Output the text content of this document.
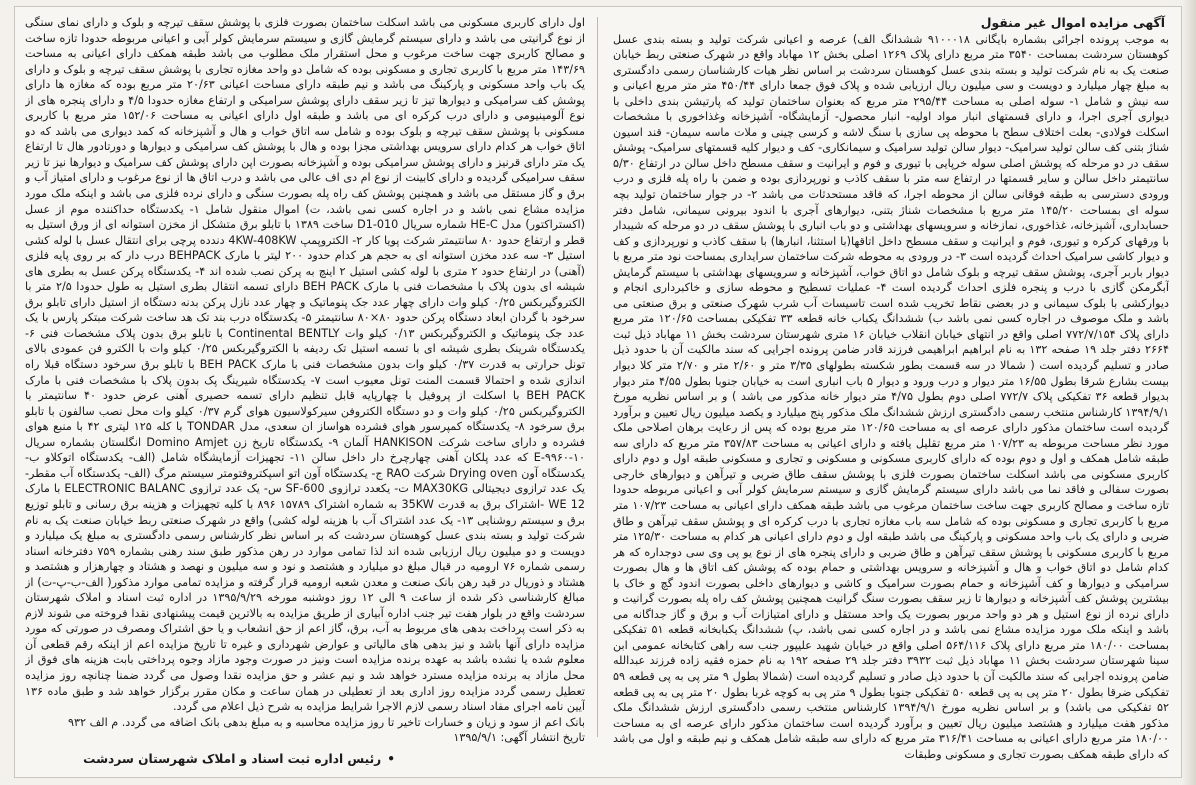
آگهی مزایده اموال غیر منقول
به موجب پرونده اجرائی بشماره بایگانی ۹۱۰۰۰۱۸ ششدانگ الف) عرصه و اعیانی شرکت تولید و بسته بندی عسل کوهستان سردشت بمساحت ۳۵۴۰ متر مربع دارای پلاک ۱۲۶۹ اصلی بخش ۱۲ مهاباد واقع در شهرک صنعتی ربط خیابان صنعت یک به نام شرکت تولید و بسته بندی عسل کوهستان سردشت بر اساس نظر هیات کارشناسان رسمی دادگستری به مبلغ چهار میلیارد و دویست و سی میلیون ریال ارزیابی شده و پلاک فوق جمعا دارای ۴۵۰/۴۴ متر متر مربع اعیانی و سه نیش و شامل ۱- سوله اصلی به مساحت ۲۹۵/۴۴ متر مربع که بعنوان ساختمان تولید که پارتیشن بندی داخلی با دیواری آجری اجرا، و دارای قسمتهای انبار مواد اولیه- انبار محصول- آزمایشگاه- آشپزخانه وغذاخوری با مشخصات اسکلت فولادی- بعلت اختلاف سطح با محوطه پی سازی با سنگ لاشه و کرسی چینی و ملات ماسه سیمان- قند اسیون شناژ بتنی کف سالن تولید سرامیک- دیوار سالن تولید سرامیک و سیمانکاری- کف و دیوار کلیه قسمتهای سرامیک- پوشش سقف در دو مرحله که پوشش اصلی سوله خرپایی با تیوری و فوم و ایرانیت و سقف مسطح داخل سالن در ارتفاع ۵/۳۰ سانتیمتر داخل سالن و سایر قسمتها در ارتفاع سه متر با سقف کاذب و نورپردازی بوده و ضمن با راه پله فلزی و درب ورودی دسترسی به طبقه فوقانی سالن از محوطه اجرا، که فاقد مستحدثات می باشد ۲- در جوار ساختمان تولید بچه سوله ای بمساحت ۱۴۵/۲۰ متر مربع با مشخصات شناژ بتنی، دیوارهای آجری با اندود بیرونی سیمانی، شامل دفتر حسابداری، آشپزخانه، غذاخوری، نمازخانه و سرویسهای بهداشتی و دو باب انباری با پوشش سقف در دو مرحله که شیبدار با ورقهای کرکره و تیوری، فوم و ایرانیت و سقف مسطح داخل اتاقها(با استثنا، انبارها) با سقف کاذب و نورپردازی و کف و دیوار کاشی سرامیک احداث گردیده است ۳- در ورودی به محوطه شرکت ساختمان سرایداری بمساحت نود متر مربع با دیوار باربر آجری، پوشش سقف تیرچه و بلوک شامل دو اتاق خواب، آشپزخانه و سرویسهای بهداشتی با سیستم گرمایش آبگرمکن گازی با درب و پنجره فلزی احداث گردیده است ۴- عملیات تسطیح و محوطه سازی و خاکبرداری انجام و دیوارکشی با بلوک سیمانی و در بعضی نقاط تخریب شده است تاسیسات آب شرب شهرک صنعتی و برق صنعتی می باشد و ملک موصوف در اجاره کسی نمی باشد ب) ششدانگ یکباب خانه قطعه ۳۳ تفکیکی بمساحت ۱۲۰/۶۵ متر مربع دارای پلاک ۷۷۲/۷/۱۵۴ اصلی واقع در انتهای خیابان انقلاب خیابان ۱۶ متری شهرستان سردشت بخش ۱۱ مهاباد ذیل ثبت ۲۶۶۴ دفتر جلد ۱۹ صفحه ۱۳۲ به نام ابراهیم ابراهیمی فرزند قادر ضامن پرونده اجرایی که سند مالکیت آن با حدود ذیل صادر و تسلیم گردیده است ( شمالا در سه قسمت بطور شکسته بطولهای ۳/۳۵ متر و ۲/۶۰ متر و ۲/۷۰ متر کلا دیوار بیست بشارع شرقا بطول ۱۶/۵۵ متر دیوار و درب ورود و دیوار ۵ باب انباری است به خیابان جنوبا بطول ۴/۵۵ متر دیوار بدیوار قطعه ۳۶ تفکیکی پلاک ۷۷۲/۷ اصلی دوم بطول ۴/۷۵ متر دیوار خانه مذکور می باشد ) و بر اساس نظریه مورخ ۱۳۹۴/۹/۱ کارشناس منتخب رسمی دادگستری ارزش ششدانگ ملک مذکور پنج میلیارد و یکصد میلیون ریال تعیین و برآورد گردیده است ساختمان مذکور دارای عرصه ای به مساحت ۱۲۰/۶۵ متر مربع بوده که پس از رعایت برهان اصلاحی ملک مورد نظر مساحت مربوطه به ۱۰۷/۲۳ متر مربع تقلیل یافته و دارای اعیانی به مساحت ۳۵۷/۸۳ متر مربع که دارای سه طبقه شامل همکف و اول و دوم بوده که دارای کاربری مسکونی و مسکونی و تجاری و مسکونی طبقه اول و دوم دارای کاربری مسکونی می باشد اسکلت ساختمان بصورت فلزی با پوشش سقف طاق ضربی و تیرآهن و دیوارهای خارجی بصورت سفالی و فاقد نما می باشد دارای سیستم گرمایش گازی و سیستم سرمایش کولر آبی و اعیانی مربوطه حدودا تازه ساخت و مصالح کاربری جهت ساخت ساختمان مرغوب می باشد طبقه همکف دارای اعیانی به مساحت ۱۰۷/۲۳ متر مربع با کاربری تجاری و مسکونی بوده که شامل سه باب مغازه تجاری با درب کرکره ای و پوشش سقف تیرآهن و طاق ضربی و دارای یک باب واحد مسکونی و پارکینگ می باشد طبقه اول و دوم دارای اعیانی هر کدام به مساحت ۱۲۵/۳۰ متر مربع با کاربری مسکونی با پوشش سقف تیرآهن و طاق ضربی و دارای پنجره های از نوع یو پی وی سی دوجداره که هر کدام شامل دو اتاق خواب و هال و آشپزخانه و سرویس بهداشتی و حمام بوده که پوشش کف اتاق ها و هال بصورت سرامیکی و دیوارها و کف آشپزخانه و حمام بصورت سرامیک و کاشی و دیوارهای داخلی بصورت اندود گچ و خاک با بیشترین پوشش کف آشپزخانه و دیوارها تا زیر سقف بصورت سنگ گرانیت همچنین پوشش کف راه پله بصورت گرانیت و دارای نرده از نوع استیل و هر دو واحد مربور بصورت یک واحد مستقل و دارای امتیازات آب و برق و گاز جداگانه می باشد و اینکه ملک مورد مزایده مشاع نمی باشد و در اجاره کسی نمی باشد، پ) ششدانگ یکبابخانه قطعه ۵۱ تفکیکی بمساحت ۱۸۰/۰۰ متر مربع دارای پلاک ۵۶۴/۱۱۶ اصلی واقع در خیابان شهید علیپور جنب سه راهی کتابخانه عمومی ابن سینا شهرستان سردشت بخش ۱۱ مهاباد ذیل ثبت ۳۹۳۲ دفتر جلد ۲۹ صفحه ۱۹۲ به نام حمزه فقیه زاده فرزند عبدالله ضامن پرونده اجرایی که سند مالکیت آن با حدود ذیل صادر و تسلیم گردیده است (شمالا بطول ۹ متر پی به پی قطعه ۵۹ تفکیکی ضرقا بطول ۲۰ متر پی به پی قطعه ۵۰ تفکیکی جنوبا بطول ۹ متر پی به کوچه غربا بطول ۲۰ متر پی به پی قطعه ۵۲ تفکیکی می باشد) و بر اساس نظریه مورخ ۱۳۹۴/۹/۱ کارشناس منتخب رسمی دادگستری ارزش ششدانگ ملک مذکور هفت میلیارد و هشتصد میلیون ریال تعیین و برآورد گردیده است ساختمان مذکور دارای عرصه ای به مساحت ۱۸۰/۰۰ متر مربع دارای اعیانی به مساحت ۳۱۶/۴۱ متر مربع که دارای سه طبقه شامل همکف و نیم طبقه و اول می باشد که دارای طبقه همکف بصورت تجاری و مسکونی وطبقات
اول دارای کاربری مسکونی می باشد اسکلت ساختمان بصورت فلزی با پوشش سقف تیرچه و بلوک و دارای نمای سنگی از نوع گرانیتی می باشد و دارای سیستم گرمایش گازی و سیستم سرمایش کولر آبی و اعیانی مربوطه حدودا تازه ساخت و مصالح کاربری جهت ساخت مرغوب و محل استقرار ملک مطلوب می باشد طبقه همکف دارای اعیانی به مساحت ۱۴۳/۶۹ متر مربع با کاربری تجاری و مسکونی بوده که شامل دو واحد مغازه تجاری با پوشش سقف تیرچه و بلوک و دارای یک باب واحد مسکونی و پارکینگ می باشد و نیم طبقه دارای مساحت اعیانی ۲۰/۶۳ متر مربع بوده که مغازه ها دارای پوشش کف سرامیکی و دیوارها تیز تا زیر سقف دارای پوشش سرامیکی و ارتفاع مغازه حدودا ۴/۵ و دارای پنجره های از نوع آلومینیومی و دارای درب کرکره ای می باشد و طبقه اول دارای اعیانی به مساحت ۱۵۲/۰۶ متر مربع با کاربری مسکونی با پوشش سقف تیرچه و بلوک بوده و شامل سه اتاق خواب و هال و آشپزخانه که کمد دیواری می باشد که دو اتاق خواب هر کدام دارای سرویس بهداشتی مجزا بوده و هال با پوشش کف سرامیکی و دیوارها و دورتادور هال تا ارتفاع یک متر دارای قرنیز و دارای پوشش سرامیکی بوده و آشپزخانه بصورت اپن دارای پوشش کف سرامیک و دیوارها نیز تا زیر سقف سرامیکی گردیده و دارای کابینت از نوع ام دی اف عالی می باشد و درب اتاق ها از نوع مرغوب و دارای امتیاز آب و برق و گاز مستقل می باشد و همچنین پوشش کف راه پله بصورت سنگی و دارای نرده فلزی می باشد و اینکه ملک مورد مزایده مشاع نمی باشد و در اجاره کسی نمی باشد، ت) اموال منقول شامل ۱- یکدستگاه حداکننده موم از عسل (اکستراکتور) مدل HE-C شماره سریال D1-010 ساخت ۱۳۸۹ با تابلو برق متشکل از مخزن استوانه ای از ورق استیل به قطر و ارتفاع حدود ۸۰ سانتیمتر شرکت پویا کار ۲- الکتروپمپ 4KW-408KW دندده پرچی برای انتقال عسل با لوله کشی استیل ۳- سه عدد مخزن استوانه ای به حجم هر کدام حدود ۲۰۰ لیتر با مارک BEHPACK درب دار که بر روی پایه فلزی (آهنی) در ارتفاع حدود ۲ متری با لوله کشی استیل ۲ اینچ به پرکن نصب شده اند ۴- یکدستگاه پرکن عسل به بطری های شیشه ای بدون پلاک با مشخصات فنی با مارک BEH PACK دارای تسمه انتقال بطری استیل به طول حدودا ۲/۵ متر با الکتروگیربکس ۰/۲۵ کیلو وات دارای چهار عدد جک پنوماتیک و چهار عدد نازل پرکن بدنه دستگاه از استیل دارای تابلو برق سرخود با گردان ابعاد دستگاه پرکن حدود ۸۰×۸۰ سانتیمتر ۵- یکدستگاه درب بند تک هد ساخت شرکت مبتکر پارس با یک عدد جک پنوماتیک و الکتروگیربکس ۰/۱۳ کیلو وات Continental BENTLY با تابلو برق بدون پلاک مشخصات فنی ۶- یکدستگاه شرینک بطری شیشه ای با تسمه استیل تک ردیفه با الکتروگیربکس ۰/۲۵ کیلو وات با الکترو فن عمودی بالای تونل حرارتی به قدرت ۰/۳۷ کیلو وات بدون مشخصات فنی با مارک BEH PACK با تابلو برق سرخود دستگاه قبلا راه اندازی شده و احتمالا قسمت المنت تونل معیوب است ۷- یکدستگاه شیرینگ پک بدون پلاک با مشخصات فنی با مارک BEH PACK با اسکلت از پروفیل با چهارپایه قابل تنظیم دارای تسمه حصیری آهنی عرض حدود ۴۰ سانتیمتر با الکتروگیربکس ۰/۲۵ کیلو وات و دو دستگاه الکتروفن سیرکولاسیون هوای گرم ۰/۳۷ کیلو وات محل نصب سالفون با تابلو برق سرخود ۸- یکدستگاه کمپرسور هوای فشرده هواساز ان سعدی، مدل TONDAR با کله ۱۲۵ لیتری ۴۲ با منبع هوای فشرده و دارای ساخت شرکت HANKISON آلمان ۹- یکدستگاه تاریخ زن Domino Amjet انگلستان بشماره سریال ۱۰-۹۹۶۰-E که عدد پلکان آهنی چهارچرخ دار داخل سالن ۱۱- تجهیزات آزمایشگاه شامل (الف- یکدستگاه اتوکلاو ب- یکدستگاه آون Drying oven شرکت RAO ج- یکدستگاه آون اتو اسپکتروفتومتر سیستم مرگ (الف- یکدستگاه آب مقطر- یک عدد ترازوی دیجیتالی MAX30KG ت- یکعدد ترازوی SF-600 س- یک عدد ترازوی ELECTRONIC BALANC با مارک WE 12 -اشتراک برق به قدرت 35KW به شماره اشتراک ۱۵۷۸۹ ۸۹۶ با کلیه تجهیزات و هزینه برق رسانی و تابلو توزیع برق و سیستم روشنایی ۱۳- یک عدد اشتراک آب با هزینه لوله کشی) واقع در شهرک صنعتی ربط خیابان صنعت یک به نام شرکت تولید و بسته بندی عسل کوهستان سردشت که بر اساس نظر کارشناس رسمی دادگستری به مبلغ یک میلیارد و دویست و دو میلیون ریال ارزیابی شده اند لذا تمامی موارد در رهن مذکور طبق سند رهنی بشماره ۷۵۹ دفترخانه اسناد رسمی شماره ۷۶ ارومیه در قبال مبلغ دو میلیارد و هشتصد و نود و سه میلیون و نهصد و هشتاد و چهارهزار و هشتصد و هشتاد و ذوریال در قید رهن بانک صنعت و معدن شعبه ارومیه قرار گرفته و مزایده تمامی موارد مذکور( الف-ب-پ-ت) از مبالغ کارشناسی ذکر شده از ساعت ۹ الی ۱۲ روز دوشنبه مورخه ۱۳۹۵/۹/۲۹ در اداره ثبت اسناد و املاک شهرستان سردشت واقع در بلوار هفت تیر جنب اداره آبیاری از طریق مزایده به بالاترین قیمت پیشنهادی نقدا فروخته می شوند لازم به ذکر است پرداخت بدهی های مربوط به آب، برق، گاز اعم از حق انشعاب و یا حق اشتراک ومصرف در صورتی که مورد مزایده دارای آنها باشد و نیز بدهی های مالیاتی و عوارض شهرداری و غیره تا تاریخ مزایده اعم از اینکه رقم قطعی آن معلوم شده یا نشده باشد به عهده برنده مزایده است ونیز در صورت وجود مازاد وجوه پرداختی بابت هزینه های فوق از محل مازاد به برنده مزایده مسترد خواهد شد و نیم عشر و حق مزایده نقدا وصول می گردد ضمنا چنانچه روز مزایده تعطیل رسمی گردد مزایده روز اداری بعد از تعطیلی در همان ساعت و مکان مقرر برگزار خواهد شد و طبق ماده ۱۳۶ آیین نامه اجرای مفاد اسناد رسمی لازم الاجرا شرایط مزایده به شرح ذیل اعلام می گردد.
بانک اعم از سود و زیان و خسارات تاخیر تا روز مزایده محاسبه و به مبلغ بدهی بانک اضافه می گردد. م الف ۹۳۲
تاریخ انتشار آگهی: ۱۳۹۵/۹/۱
•رئیس اداره ثبت اسناد و املاک شهرستان سردشت
